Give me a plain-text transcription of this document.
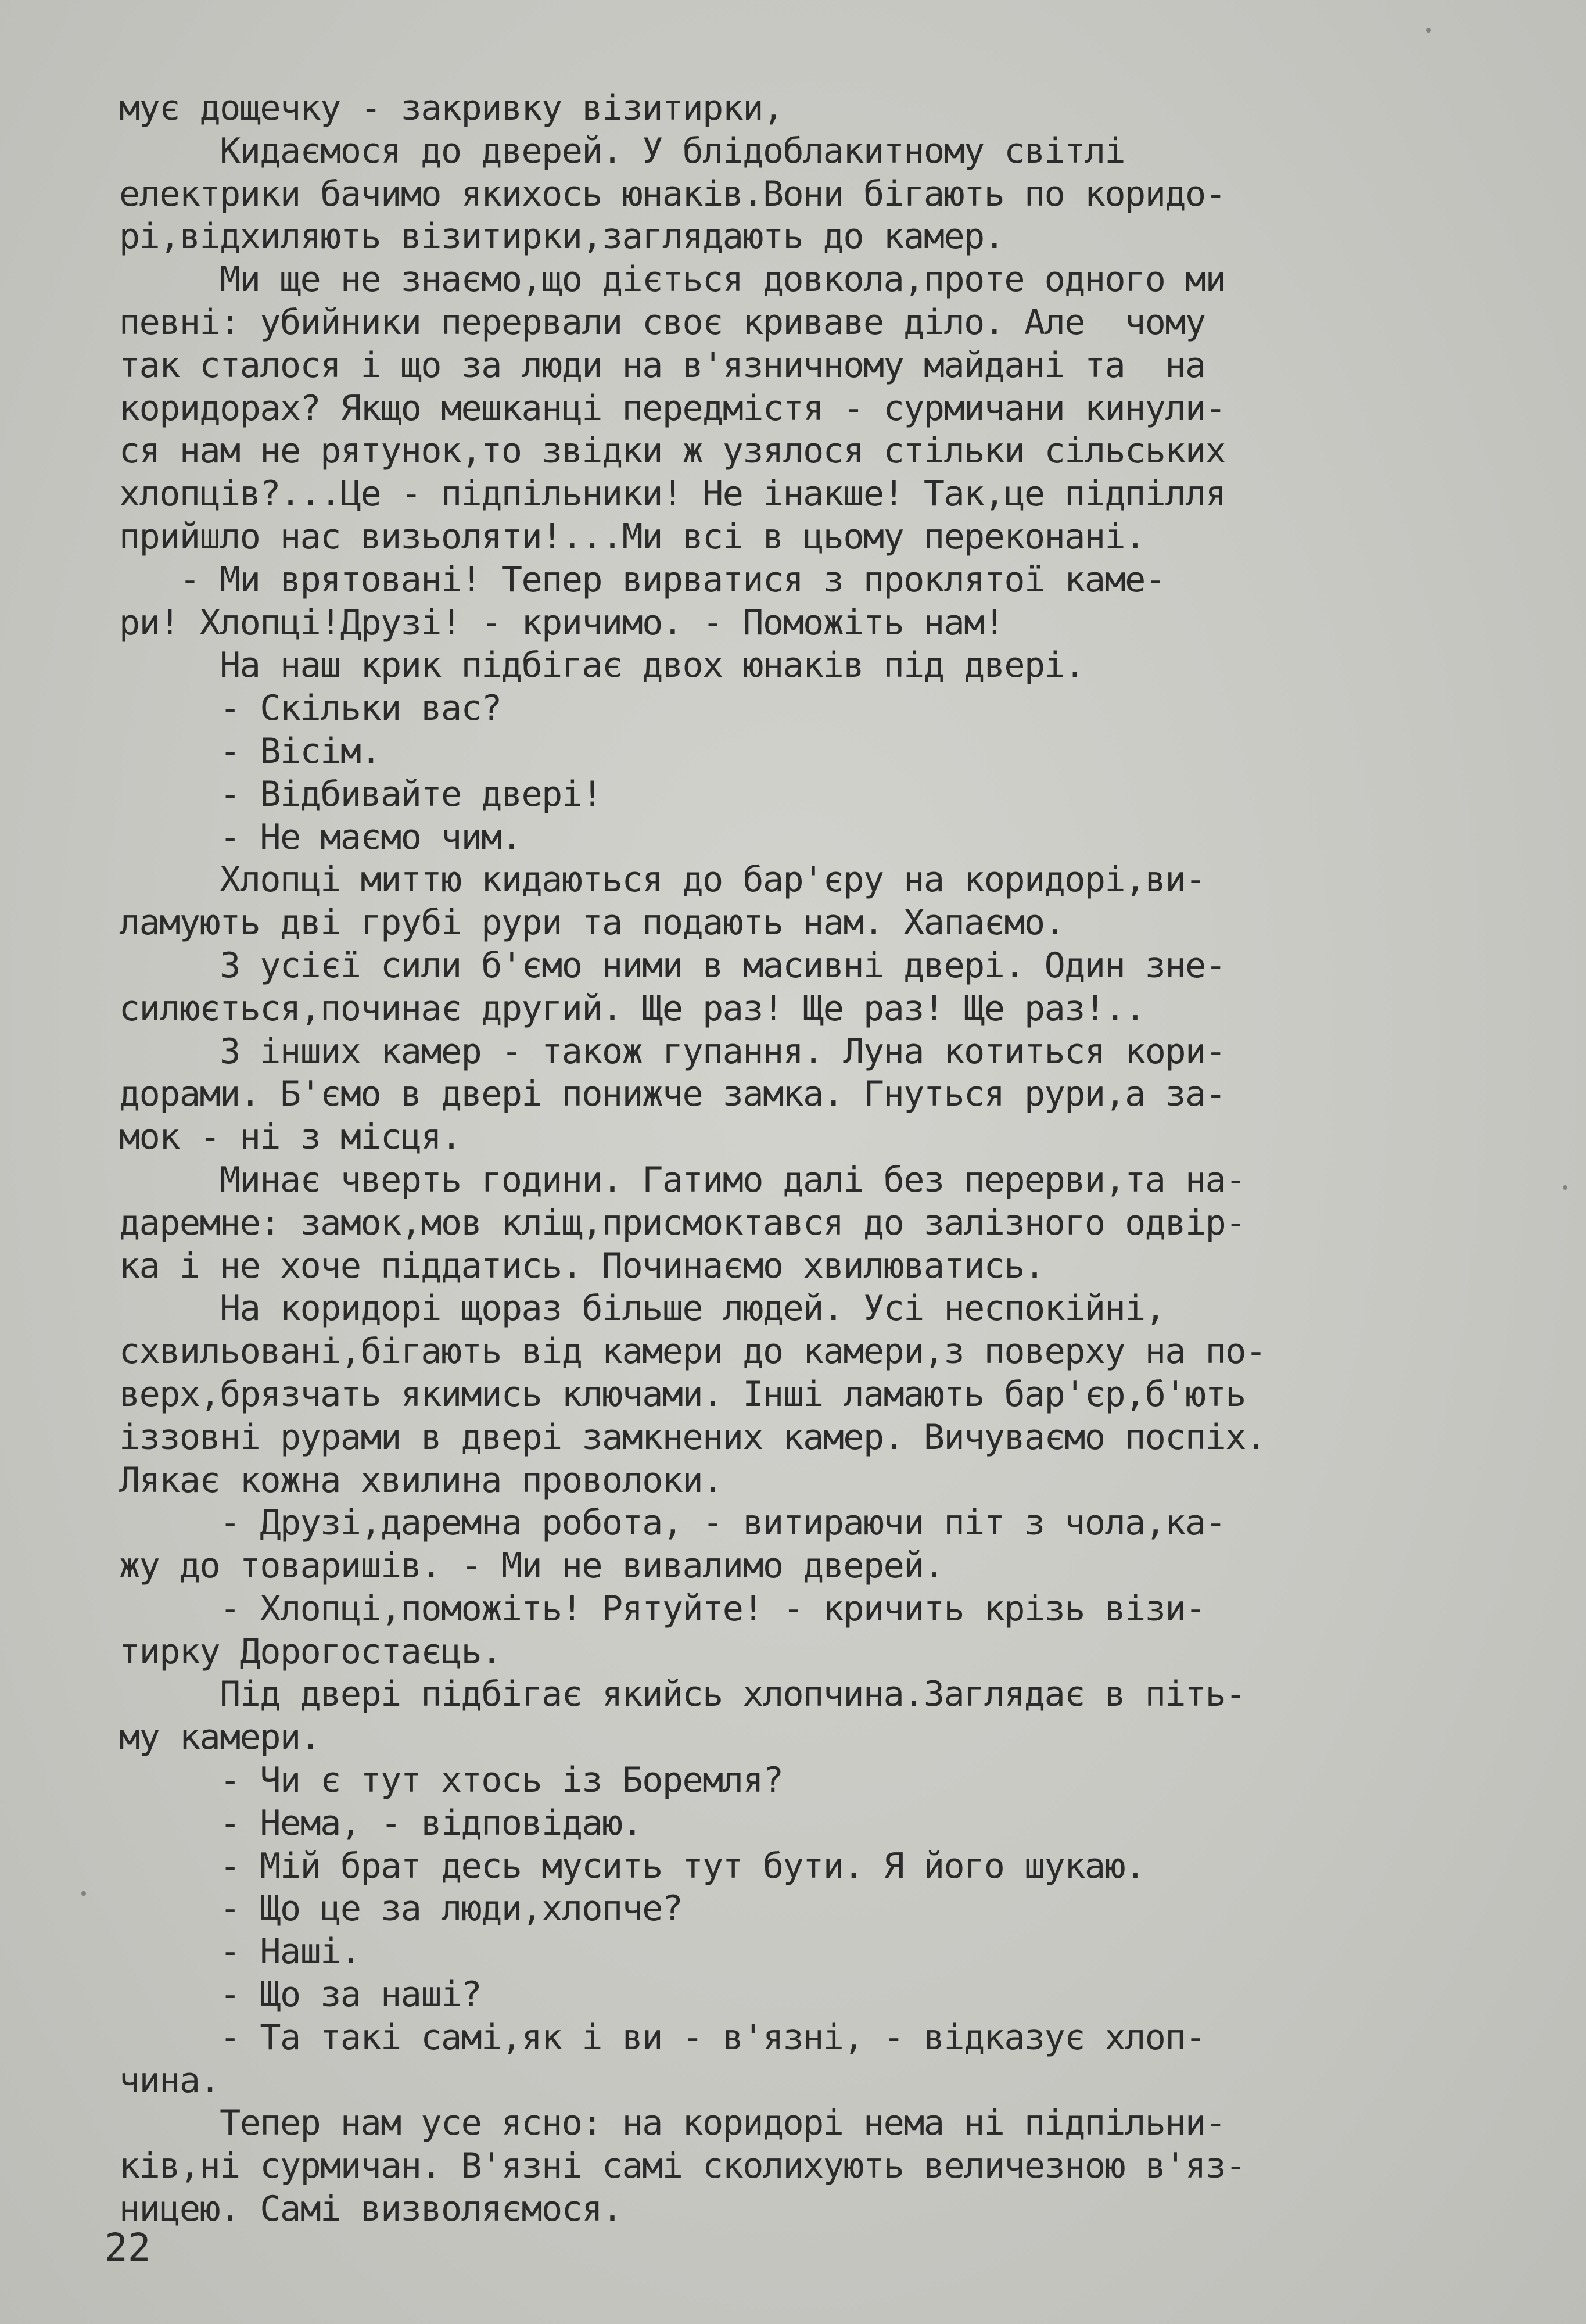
мує дощечку - закривку візитирки,
Кидаємося до дверей. У блідоблакитному світлі
електрики бачимо якихось юнаків.Вони бігають по коридо-
рі,відхиляють візитирки,заглядають до камер.
Ми ще не знаємо,що діється довкола,проте одного ми
певні: убийники перервали своє криваве діло. Але  чому
так сталося і що за люди на в'язничному майдані та  на
коридорах? Якщо мешканці передмістя - сурмичани кинули-
ся нам не рятунок,то звідки ж узялося стільки сільських
хлопців?...Це - підпільники! Не інакше! Так,це підпілля
прийшло нас визьоляти!...Ми всі в цьому переконані.
- Ми врятовані! Тепер вирватися з проклятої каме-
ри! Хлопці!Друзі! - кричимо. - Поможіть нам!
На наш крик підбігає двох юнаків під двері.
- Скільки вас?
- Вісім.
- Відбивайте двері!
- Не маємо чим.
Хлопці миттю кидаються до бар'єру на коридорі,ви-
ламують дві грубі рури та подають нам. Хапаємо.
З усієї сили б'ємо ними в масивні двері. Один зне-
силюється,починає другий. Ще раз! Ще раз! Ще раз!..
З інших камер - також гупання. Луна котиться кори-
дорами. Б'ємо в двері понижче замка. Гнуться рури,а за-
мок - ні з місця.
Минає чверть години. Гатимо далі без перерви,та на-
даремне: замок,мов кліщ,присмоктався до залізного одвір-
ка і не хоче піддатись. Починаємо хвилюватись.
На коридорі щораз більше людей. Усі неспокійні,
схвильовані,бігають від камери до камери,з поверху на по-
верх,брязчать якимись ключами. Інші ламають бар'єр,б'ють
іззовні рурами в двері замкнених камер. Вичуваємо поспіх.
Лякає кожна хвилина проволоки.
- Друзі,даремна робота, - витираючи піт з чола,ка-
жу до товаришів. - Ми не вивалимо дверей.
- Хлопці,поможіть! Рятуйте! - кричить крізь візи-
тирку Дорогостаєць.
Під двері підбігає якийсь хлопчина.Заглядає в піть-
му камери.
- Чи є тут хтось із Боремля?
- Нема, - відповідаю.
- Мій брат десь мусить тут бути. Я його шукаю.
- Що це за люди,хлопче?
- Наші.
- Що за наші?
- Та такі самі,як і ви - в'язні, - відказує хлоп-
чина.
Тепер нам усе ясно: на коридорі нема ні підпільни-
ків,ні сурмичан. В'язні самі сколихують величезною в'яз-
ницею. Самі визволяємося.
22
